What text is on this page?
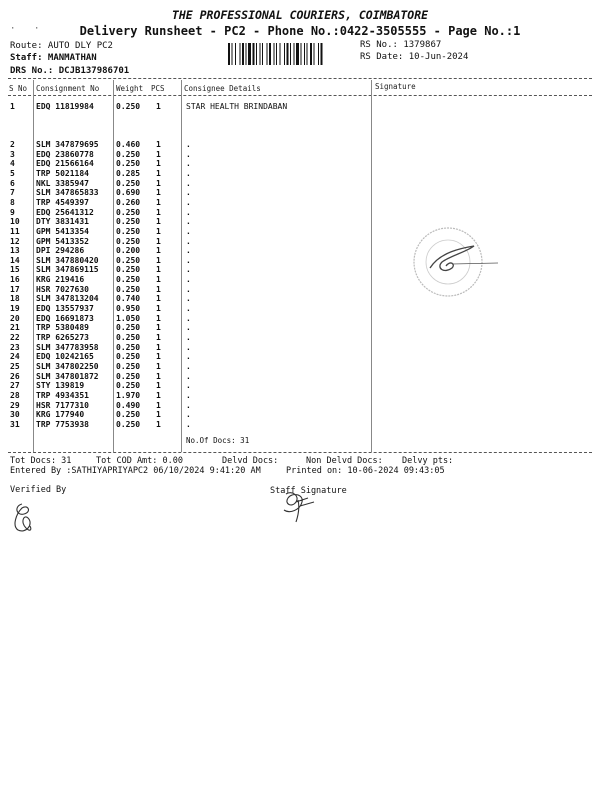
THE PROFESSIONAL COURIERS, COIMBATORE
Delivery Runsheet - PC2 - Phone No.:0422-3505555 - Page No.:1
· ·
Route: AUTO DLY PC2
Staff: MANMATHAN
DRS No.: DCJB137986701
RS No.: 1379867
RS Date: 10-Jun-2024
S No Consignment No Weight PCS	Consignee Details	Signature
1	EDQ 11819984	0.250 1	STAR HEALTH BRINDABAN
2	SLM 347879695 0.460 1	.
3	EDQ 23860778	0.250 1	.
4	EDQ 21566164	0.250 1	.
5	TRP 5021184	0.285 1	.
6	NKL 3385947	0.250 1	.
7	SLM 347865833 0.690 1	.
8	TRP 4549397	0.260 1	.
9	EDQ 25641312	0.250 1	.
10 DTY 3831431	0.250 1	.
11 GPM 5413354	0.250 1	.
12 GPM 5413352	0.250 1	.
13 DPI 294286	0.200 1	.
14 SLM 347880420 0.250 1	.
15 SLM 347869115 0.250 1	.
16 KRG 219416	0.250 1	.
17 HSR 7027630	0.250 1	.
18 SLM 347813204 0.740 1	.
19 EDQ 13557937	0.950 1	.
20 EDQ 16691873	1.050 1	.
21 TRP 5380489	0.250 1	.
22 TRP 6265273	0.250 1	.
23 SLM 347783958 0.250 1	.
24 EDQ 10242165	0.250 1	.
25 SLM 347802250 0.250 1	.
26 SLM 347801872 0.250 1	.
27 STY 139819	0.250 1	.
28 TRP 4934351	1.970 1	.
29 HSR 7177310	0.490 1	.
30 KRG 177940	0.250 1	.
31 TRP 7753938	0.250 1	.
No.Of Docs: 31
Tot Docs: 31	Tot COD Amt: 0.00	Delvd Docs:	Non Delvd Docs: Delvy pts:
Entered By :SATHIYAPRIYAPC2 06/10/2024 9:41:20 AM	Printed on: 10-06-2024 09:43:05
Verified By	Staff Signature
